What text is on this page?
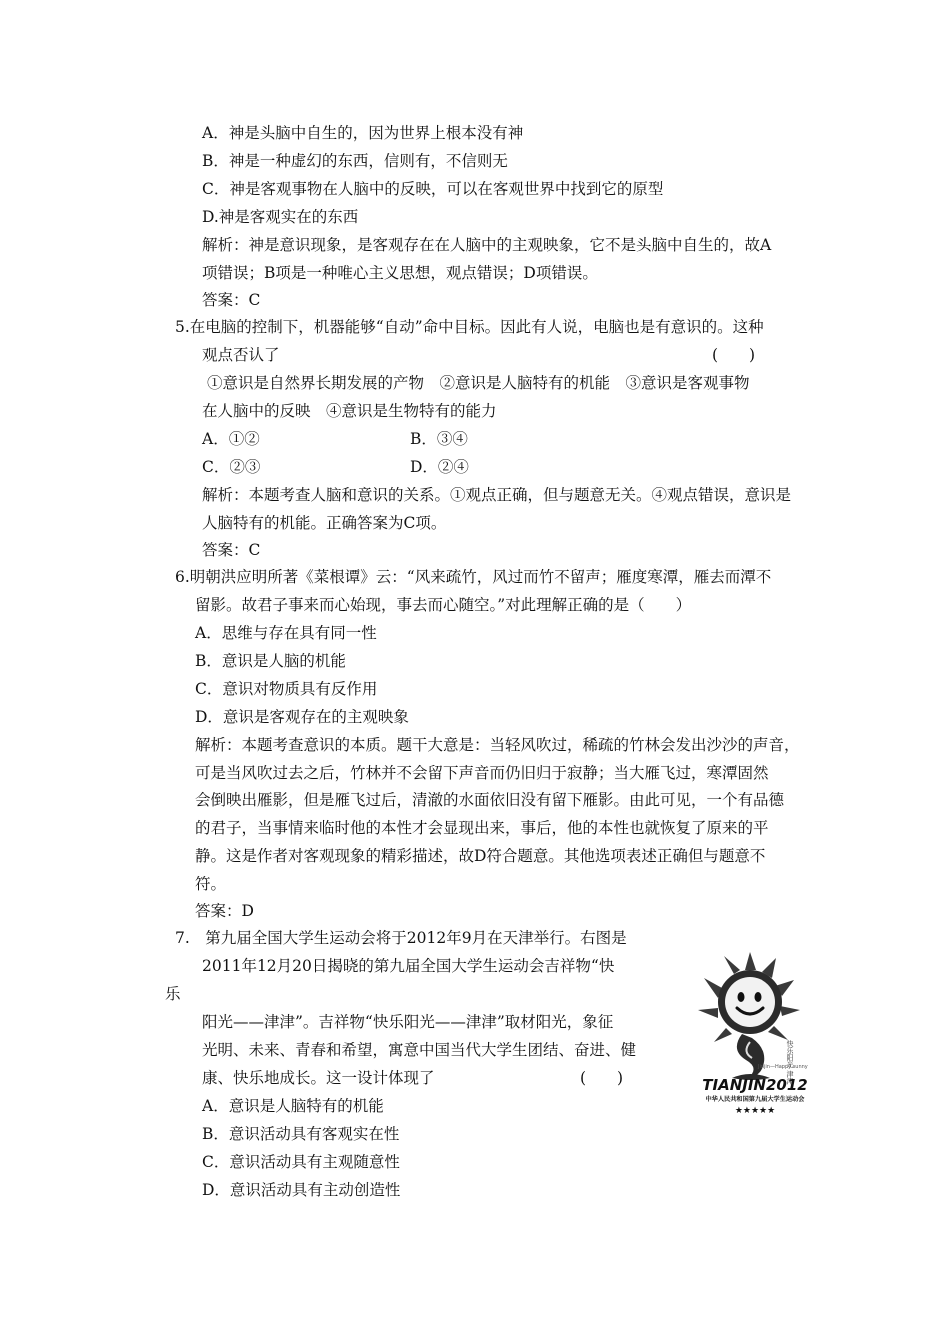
A．神是头脑中自生的，因为世界上根本没有神
B．神是一种虚幻的东西，信则有，不信则无
C．神是客观事物在人脑中的反映，可以在客观世界中找到它的原型
D.神是客观实在的东西
解析：神是意识现象，是客观存在在人脑中的主观映象，它不是头脑中自生的，故A
项错误；B项是一种唯心主义思想，观点错误；D项错误。
答案：C
5.在电脑的控制下，机器能够“自动”命中目标。因此有人说，电脑也是有意识的。这种
观点否认了	(　　)
①意识是自然界长期发展的产物　②意识是人脑特有的机能　③意识是客观事物
在人脑中的反映　④意识是生物特有的能力
A．①②	B．③④
C．②③	D．②④
解析：本题考查人脑和意识的关系。①观点正确，但与题意无关。④观点错误，意识是
人脑特有的机能。正确答案为C项。
答案：C
6.明朝洪应明所著《菜根谭》云：“风来疏竹，风过而竹不留声；雁度寒潭，雁去而潭不
留影。故君子事来而心始现，事去而心随空。”对此理解正确的是（　　）
A．思维与存在具有同一性
B．意识是人脑的机能
C．意识对物质具有反作用
D．意识是客观存在的主观映象
解析：本题考查意识的本质。题干大意是：当轻风吹过，稀疏的竹林会发出沙沙的声音，
可是当风吹过去之后，竹林并不会留下声音而仍旧归于寂静；当大雁飞过，寒潭固然
会倒映出雁影，但是雁飞过后，清澈的水面依旧没有留下雁影。由此可见，一个有品德
的君子，当事情来临时他的本性才会显现出来，事后，他的本性也就恢复了原来的平
静。这是作者对客观现象的精彩描述，故D符合题意。其他选项表述正确但与题意不
符。
答案：D
7.　第九届全国大学生运动会将于2012年9月在天津举行。右图是
2011年12月20日揭晓的第九届全国大学生运动会吉祥物“快
乐
阳光——津津”。吉祥物“快乐阳光——津津”取材阳光，象征
光明、未来、青春和希望，寓意中国当代大学生团结、奋进、健
康、快乐地成长。这一设计体现了	(　　)
A．意识是人脑特有的机能
B．意识活动具有客观实在性
C．意识活动具有主观随意性
D．意识活动具有主动创造性
快乐阳光 津津
Jinjin—Happy sunny
TIANJIN2012
中华人民共和国第九届大学生运动会
★★★★★
